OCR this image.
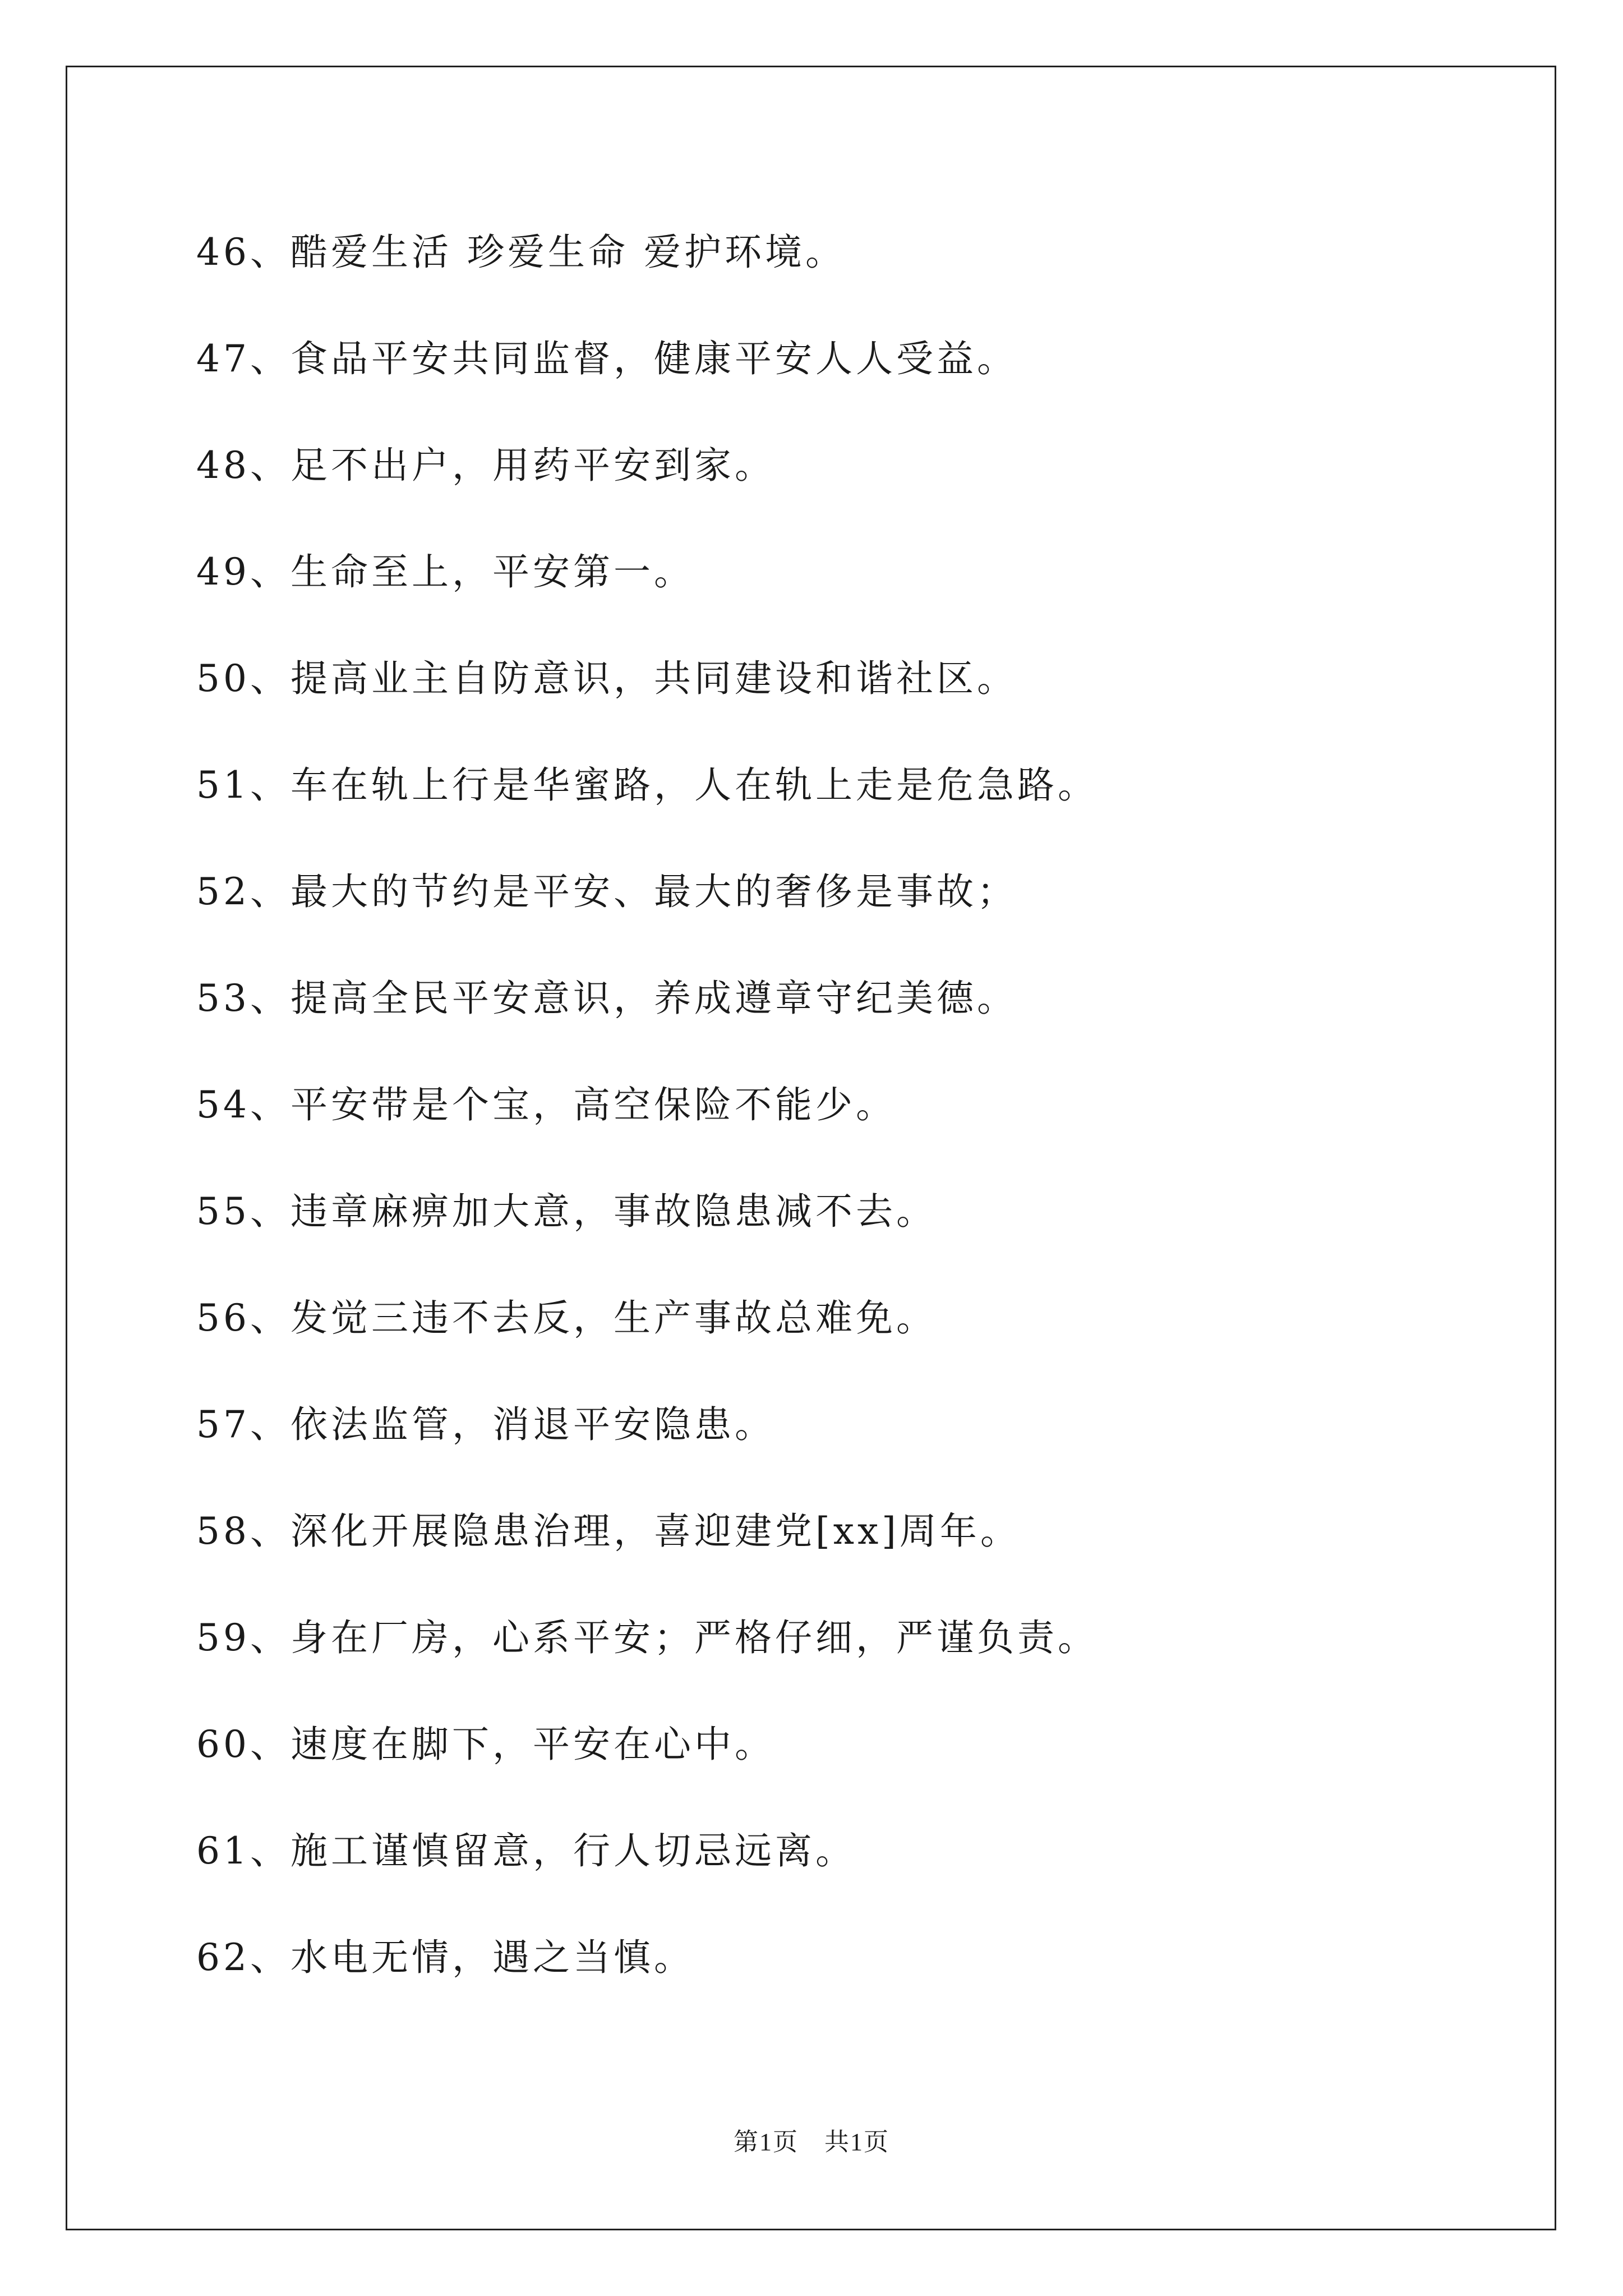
46、酷爱生活 珍爱生命 爱护环境。
47、食品平安共同监督，健康平安人人受益。
48、足不出户，用药平安到家。
49、生命至上，平安第一。
50、提高业主自防意识，共同建设和谐社区。
51、车在轨上行是华蜜路，人在轨上走是危急路。
52、最大的节约是平安、最大的奢侈是事故；
53、提高全民平安意识，养成遵章守纪美德。
54、平安带是个宝，高空保险不能少。
55、违章麻痹加大意，事故隐患减不去。
56、发觉三违不去反，生产事故总难免。
57、依法监管，消退平安隐患。
58、深化开展隐患治理，喜迎建党[xx]周年。
59、身在厂房，心系平安；严格仔细，严谨负责。
60、速度在脚下，平安在心中。
61、施工谨慎留意，行人切忌远离。
62、水电无情，遇之当慎。
第1页　共1页
